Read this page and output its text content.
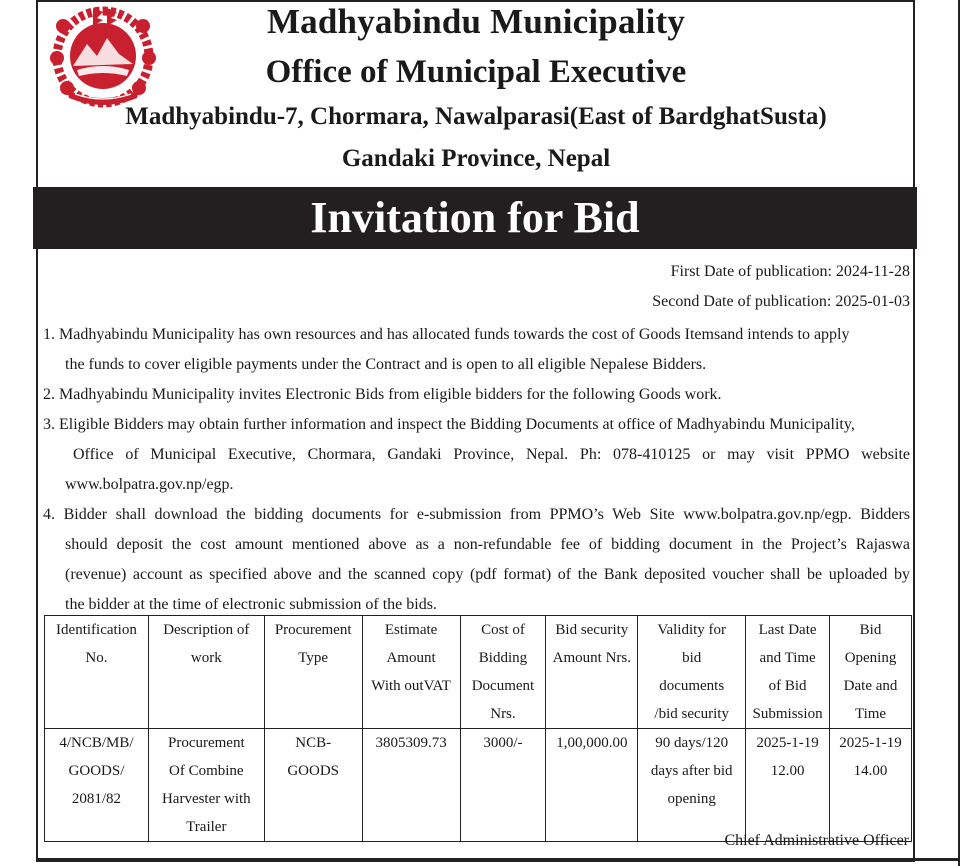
Madhyabindu Municipality
Office of Municipal Executive
Madhyabindu-7, Chormara, Nawalparasi(East of BardghatSusta)
Gandaki Province, Nepal
Invitation for Bid
First Date of publication: 2024-11-28
Second Date of publication: 2025-01-03
1. Madhyabindu Municipality has own resources and has allocated funds towards the cost of Goods Itemsand intends to apply
the funds to cover eligible payments under the Contract and is open to all eligible Nepalese Bidders.
2. Madhyabindu Municipality invites Electronic Bids from eligible bidders for the following Goods work.
3. Eligible Bidders may obtain further information and inspect the Bidding Documents at office of Madhyabindu Municipality,
Office of Municipal Executive, Chormara, Gandaki Province, Nepal. Ph: 078-410125 or may visit PPMO website
www.bolpatra.gov.np/egp.
4. Bidder shall download the bidding documents for e-submission from PPMO’s Web Site www.bolpatra.gov.np/egp. Bidders
should deposit the cost amount mentioned above as a non-refundable fee of bidding document in the Project’s Rajaswa
(revenue) account as specified above and the scanned copy (pdf format) of the Bank deposited voucher shall be uploaded by
the bidder at the time of electronic submission of the bids.
Identification
No.	Description of
work	Procurement
Type	Estimate
Amount
With outVAT	Cost of
Bidding
Document
Nrs.	Bid security
Amount Nrs.	Validity for
bid
documents
/bid security	Last Date
and Time
of Bid
Submission	Bid
Opening
Date and
Time

4/NCB/MB/
GOODS/
2081/82	Procurement
Of Combine
Harvester with
Trailer	NCB-
GOODS	3805309.73	3000/-	1,00,000.00	90 days/120
days after bid
opening	2025-1-19
12.00	2025-1-19
14.00
Chief Administrative Officer
